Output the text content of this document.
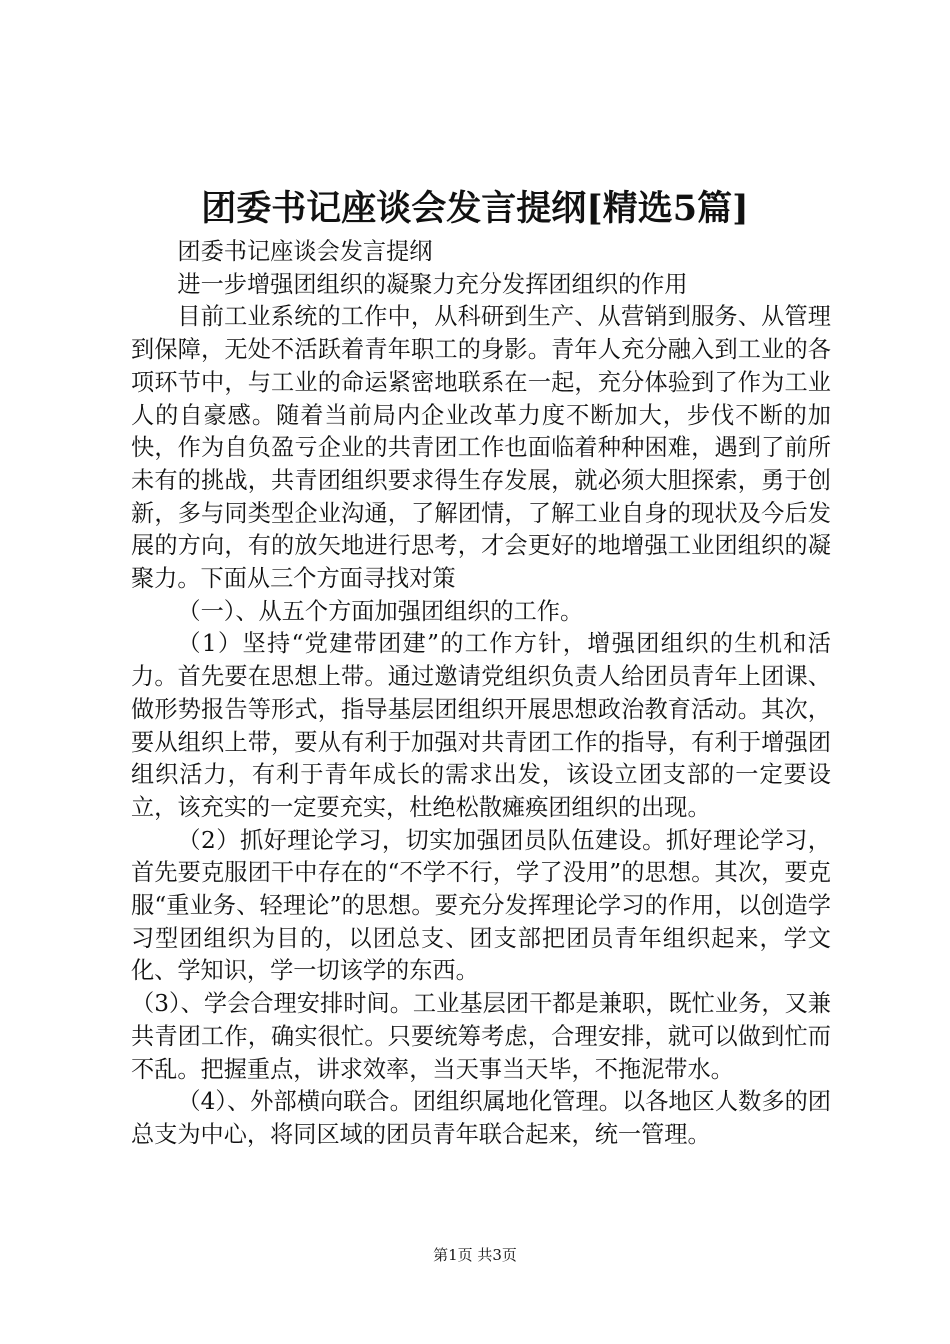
团委书记座谈会发言提纲[精选5篇]

团委书记座谈会发言提纲

进一步增强团组织的凝聚力充分发挥团组织的作用

目前工业系统的工作中，从科研到生产、从营销到服务、从管理到保障，无处不活跃着青年职工的身影。青年人充分融入到工业的各项环节中，与工业的命运紧密地联系在一起，充分体验到了作为工业人的自豪感。随着当前局内企业改革力度不断加大，步伐不断的加快，作为自负盈亏企业的共青团工作也面临着种种困难，遇到了前所未有的挑战，共青团组织要求得生存发展，就必须大胆探索，勇于创新，多与同类型企业沟通，了解团情，了解工业自身的现状及今后发展的方向，有的放矢地进行思考，才会更好的地增强工业团组织的凝聚力。下面从三个方面寻找对策

（一）、从五个方面加强团组织的工作。

（1）坚持“党建带团建”的工作方针，增强团组织的生机和活力。首先要在思想上带。通过邀请党组织负责人给团员青年上团课、做形势报告等形式，指导基层团组织开展思想政治教育活动。其次，要从组织上带，要从有利于加强对共青团工作的指导，有利于增强团组织活力，有利于青年成长的需求出发，该设立团支部的一定要设立，该充实的一定要充实，杜绝松散瘫痪团组织的出现。

（2）抓好理论学习，切实加强团员队伍建设。抓好理论学习，首先要克服团干中存在的“不学不行，学了没用”的思想。其次，要克服“重业务、轻理论”的思想。要充分发挥理论学习的作用，以创造学习型团组织为目的，以团总支、团支部把团员青年组织起来，学文化、学知识，学一切该学的东西。

（3）、学会合理安排时间。工业基层团干都是兼职，既忙业务，又兼共青团工作，确实很忙。只要统筹考虑，合理安排，就可以做到忙而不乱。把握重点，讲求效率，当天事当天毕，不拖泥带水。

（4）、外部横向联合。团组织属地化管理。以各地区人数多的团总支为中心，将同区域的团员青年联合起来，统一管理。

第1页 共3页
